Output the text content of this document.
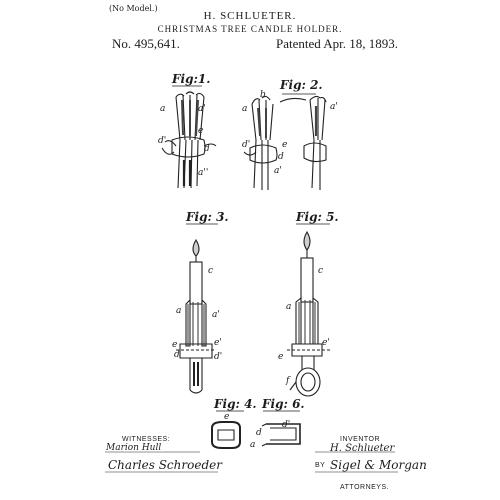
(No Model.)
H. SCHLUETER.
CHRISTMAS TREE CANDLE HOLDER.
No. 495,641.	Patented Apr. 18, 1893.
Fig:1.	Fig: 2.
Fig: 3.	Fig: 5.
Fig: 4. Fig: 6.
a	a'
e
d'
d
a''
b
a	a'
d'	e
d
a'
c
a	a'
e	e'
d	d'
c
a
e'
e
f
e
a
d
d'
WITNESSES:
Marion Hull
Charles Schroeder
INVENTOR
H. Schlueter
BY Sigel & Morgan
ATTORNEYS.
